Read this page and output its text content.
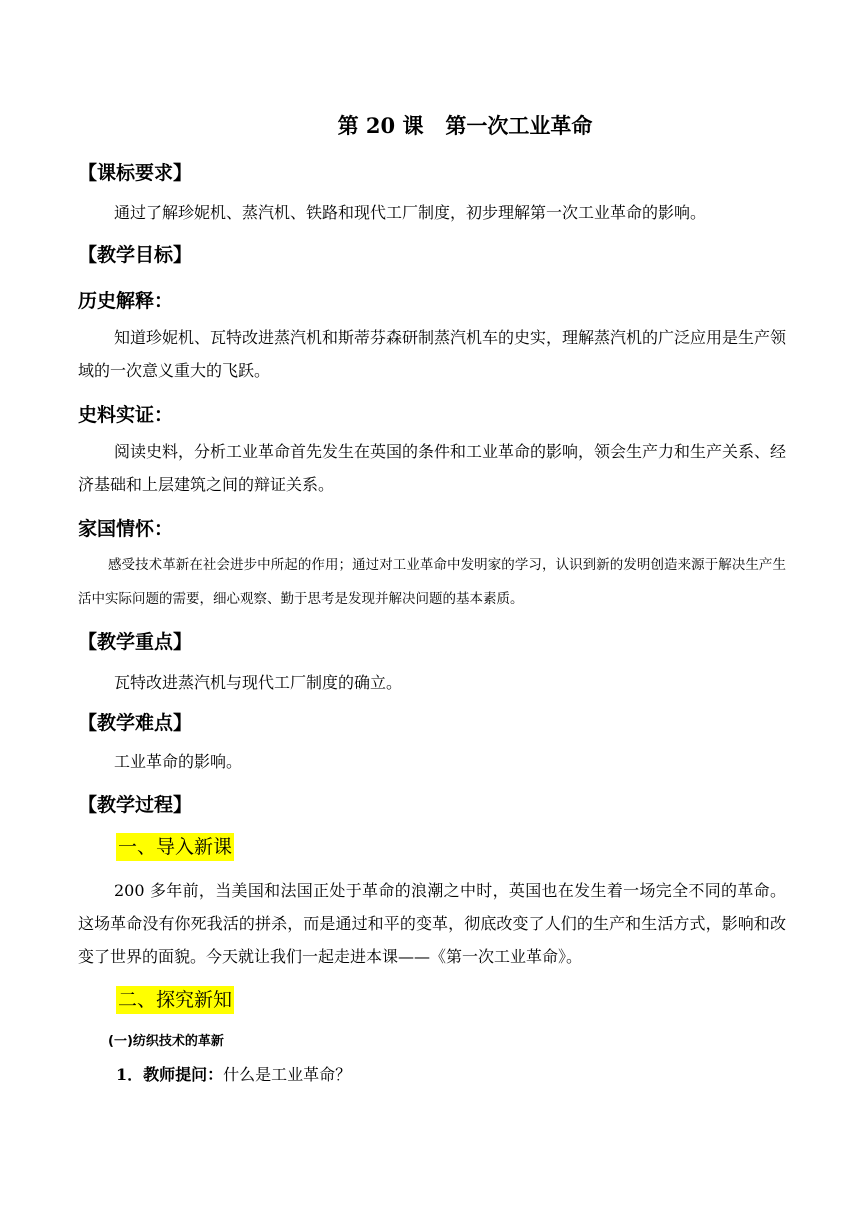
第 20 课 第一次工业革命
【课标要求】
通过了解珍妮机、蒸汽机、铁路和现代工厂制度，初步理解第一次工业革命的影响。
【教学目标】
历史解释：
知道珍妮机、瓦特改进蒸汽机和斯蒂芬森研制蒸汽机车的史实，理解蒸汽机的广泛应用是生产领域的一次意义重大的飞跃。
史料实证：
阅读史料，分析工业革命首先发生在英国的条件和工业革命的影响，领会生产力和生产关系、经济基础和上层建筑之间的辩证关系。
家国情怀：
感受技术革新在社会进步中所起的作用；通过对工业革命中发明家的学习，认识到新的发明创造来源于解决生产生活中实际问题的需要，细心观察、勤于思考是发现并解决问题的基本素质。
【教学重点】
瓦特改进蒸汽机与现代工厂制度的确立。
【教学难点】
工业革命的影响。
【教学过程】
一、导入新课
200 多年前，当美国和法国正处于革命的浪潮之中时，英国也在发生着一场完全不同的革命。这场革命没有你死我活的拼杀，而是通过和平的变革，彻底改变了人们的生产和生活方式，影响和改变了世界的面貌。今天就让我们一起走进本课——《第一次工业革命》。
二、探究新知
(一)纺织技术的革新
1．教师提问：什么是工业革命？
